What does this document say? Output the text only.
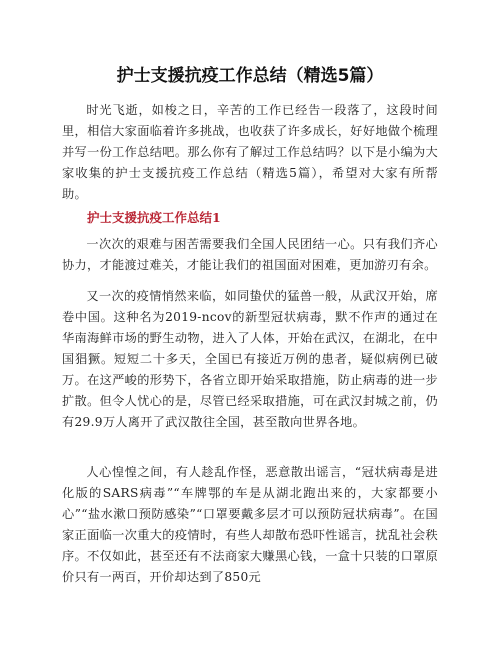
护士支援抗疫工作总结（精选5篇）

时光飞逝，如梭之日，辛苦的工作已经告一段落了，这段时间里，相信大家面临着许多挑战，也收获了许多成长，好好地做个梳理并写一份工作总结吧。那么你有了解过工作总结吗？以下是小编为大家收集的护士支援抗疫工作总结（精选5篇），希望对大家有所帮助。

护士支援抗疫工作总结1

一次次的艰难与困苦需要我们全国人民团结一心。只有我们齐心协力，才能渡过难关，才能让我们的祖国面对困难，更加游刃有余。

又一次的疫情悄然来临，如同蛰伏的猛兽一般，从武汉开始，席卷中国。这种名为2019-ncov的新型冠状病毒，默不作声的通过在华南海鲜市场的野生动物，进入了人体，开始在武汉，在湖北，在中国猖獗。短短二十多天，全国已有接近万例的患者，疑似病例已破万。在这严峻的形势下，各省立即开始采取措施，防止病毒的进一步扩散。但令人忧心的是，尽管已经采取措施，可在武汉封城之前，仍有29.9万人离开了武汉散往全国，甚至散向世界各地。

人心惶惶之间，有人趁乱作怪，恶意散出谣言，“冠状病毒是进化版的SARS病毒”“车牌鄂的车是从湖北跑出来的，大家都要小心”“盐水漱口预防感染”“口罩要戴多层才可以预防冠状病毒”。在国家正面临一次重大的疫情时，有些人却散布恐吓性谣言，扰乱社会秩序。不仅如此，甚至还有不法商家大赚黑心钱，一盒十只装的口罩原价只有一两百，开价却达到了850元
